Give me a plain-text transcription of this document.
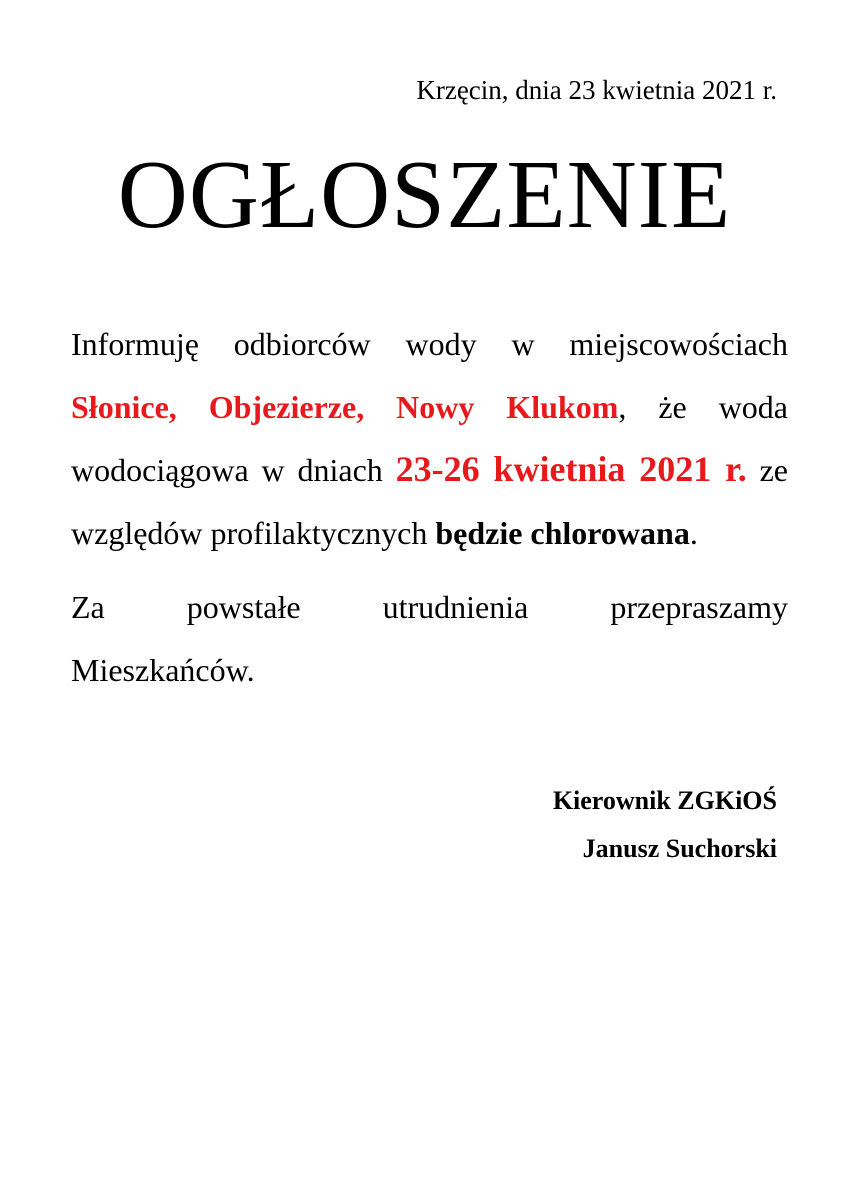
Krzęcin, dnia 23 kwietnia 2021 r.
OGŁOSZENIE
Informuję odbiorców wody w miejscowościach
Słonice, Objezierze, Nowy Klukom, że woda
wodociągowa w dniach 23-26 kwietnia 2021 r. ze
względów profilaktycznych będzie chlorowana.
Za powstałe utrudnienia przepraszamy
Mieszkańców.
Kierownik ZGKiOŚ
Janusz Suchorski
